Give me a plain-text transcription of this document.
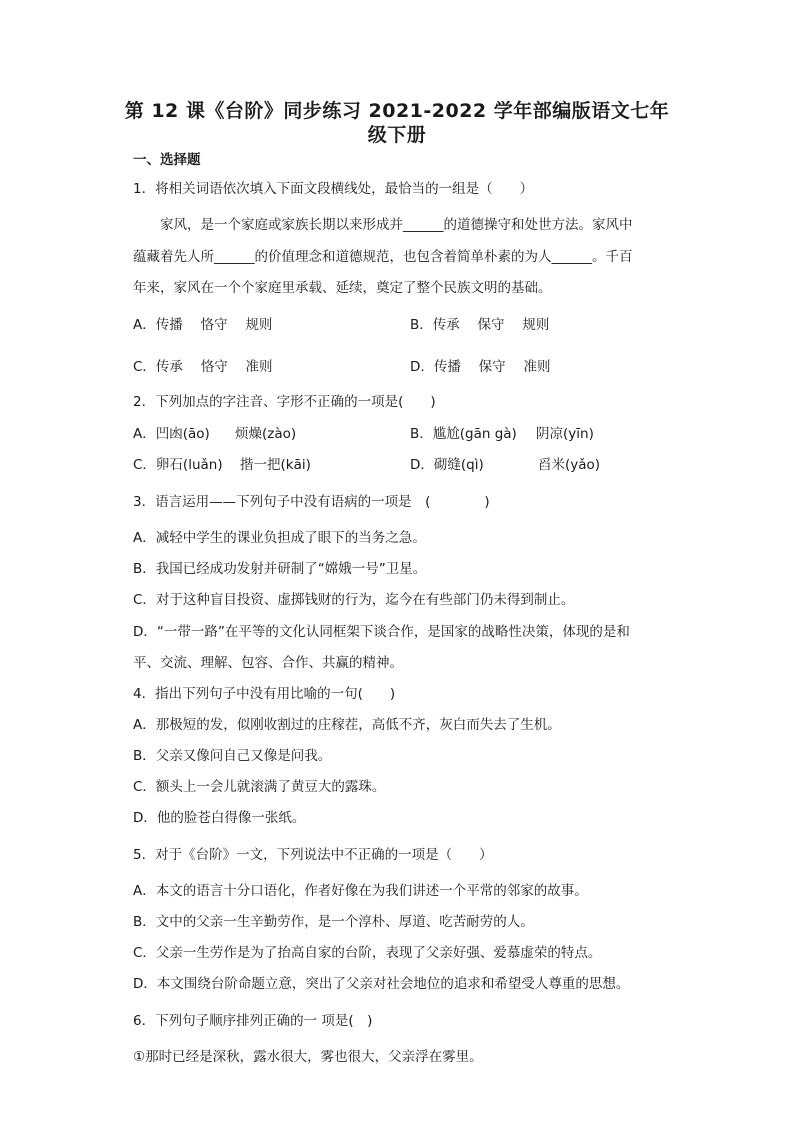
第 12 课《台阶》同步练习 2021-2022 学年部编版语文七年
级下册
一、选择题
1．将相关词语依次填入下面文段横线处，最恰当的一组是（　　）
家风，是一个家庭或家族长期以来形成并______的道德操守和处世方法。家风中
蕴藏着先人所______的价值理念和道德规范，也包含着简单朴素的为人______。千百
年来，家风在一个个家庭里承载、延续，奠定了整个民族文明的基础。
A．传播　 恪守　 规则	B．传承　 保守　 规则
C．传承　 恪守　 准则	D．传播　 保守　 准则
2．下列加点的字注音、字形不正确的一项是(　　)
A．凹凼(āo) 烦燥(zào)	B．尴尬(gān gà) 阴凉(yīn)
C．卵石(luǎn) 揩一把(kāi)	D．砌缝(qì)	舀米(yǎo)
3．语言运用——下列句子中没有语病的一项是　(　　　　)
A．减轻中学生的课业负担成了眼下的当务之急。
B．我国已经成功发射并研制了“嫦娥一号”卫星。
C．对于这种盲目投资、虚掷钱财的行为，迄今在有些部门仍未得到制止。
D．“一带一路”在平等的文化认同框架下谈合作，是国家的战略性决策，体现的是和
平、交流、理解、包容、合作、共赢的精神。
4．指出下列句子中没有用比喻的一句(　　)
A．那极短的发，似刚收割过的庄稼茬，高低不齐，灰白而失去了生机。
B．父亲又像问自己又像是问我。
C．额头上一会儿就滚满了黄豆大的露珠。
D．他的脸苍白得像一张纸。
5．对于《台阶》一文，下列说法中不正确的一项是（　　）
A．本文的语言十分口语化，作者好像在为我们讲述一个平常的邻家的故事。
B．文中的父亲一生辛勤劳作，是一个淳朴、厚道、吃苦耐劳的人。
C．父亲一生劳作是为了抬高自家的台阶，表现了父亲好强、爱慕虚荣的特点。
D．本文围绕台阶命题立意，突出了父亲对社会地位的追求和希望受人尊重的思想。
6．下列句子顺序排列正确的一 项是(　)
①那时已经是深秋，露水很大，雾也很大，父亲浮在雾里。
